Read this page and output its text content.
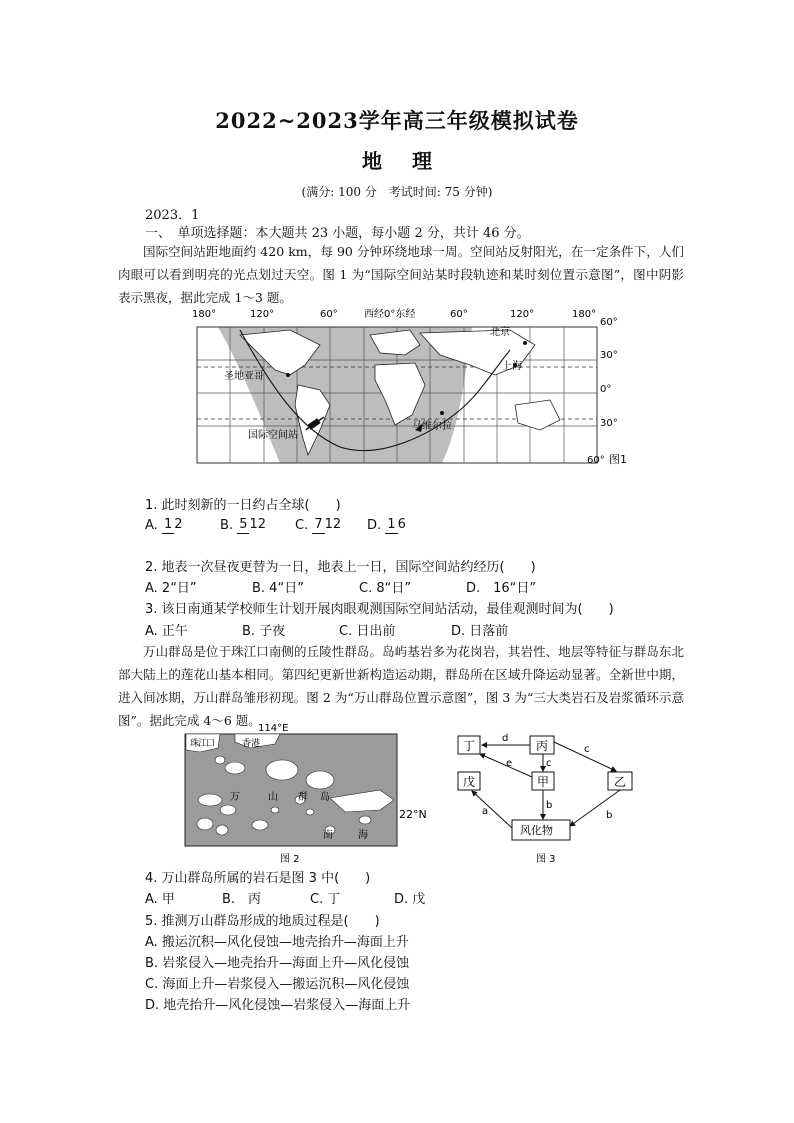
2022~2023学年高三年级模拟试卷
地理
(满分: 100 分　考试时间: 75 分钟)
2023．1
一、　单项选择题：本大题共 23 小题，每小题 2 分，共计 46 分。
国际空间站距地面约 420 km，每 90 分钟环绕地球一周。空间站反射阳光，在一定条件下，人们肉眼可以看到明亮的光点划过天空。图 1 为“国际空间站某时段轨迹和某时刻位置示意图”，图中阴影表示黑夜，据此完成 1～3 题。
180°	120°	60°	西经0°东经	60°	120°	180°
60°
30°
0°
30°
60° 图1
圣地亚哥
国际空间站
马维尔拉
北京
上海
1. 此时刻新的一日约占全球(　　)
A. 1 2	B. 5 12	C. 7 12	D. 1 6
2. 地表一次昼夜更替为一日，地表上一日，国际空间站约经历(　　)
A. 2“日”	B. 4“日”	C. 8“日”	D.　16“日”
3. 该日南通某学校师生计划开展肉眼观测国际空间站活动，最佳观测时间为(　　)
A. 正午	B. 子夜	C. 日出前	D. 日落前
万山群岛是位于珠江口南侧的丘陵性群岛。岛屿基岩多为花岗岩，其岩性、地层等特征与群岛东北部大陆上的莲花山基本相同。第四纪更新世新构造运动期，群岛所在区域升降运动显著。全新世中期，进入间冰期，万山群岛雏形初现。图 2 为“万山群岛位置示意图”，图 3 为“三大类岩石及岩浆循环示意图”。据此完成 4～6 题。
114°E
珠
江
口	香港
万	山 群 岛
南	海
22°N
图 2
丁	丙
戊	甲	乙
风化物
d
c
c
e
b
b
a
图 3
4. 万山群岛所属的岩石是图 3 中(　　)
A. 甲	B.　丙	C. 丁	D. 戊
5. 推测万山群岛形成的地质过程是(　　)
A. 搬运沉积—风化侵蚀—地壳抬升—海面上升
B. 岩浆侵入—地壳抬升—海面上升—风化侵蚀
C. 海面上升—岩浆侵入—搬运沉积—风化侵蚀
D. 地壳抬升—风化侵蚀—岩浆侵入—海面上升
